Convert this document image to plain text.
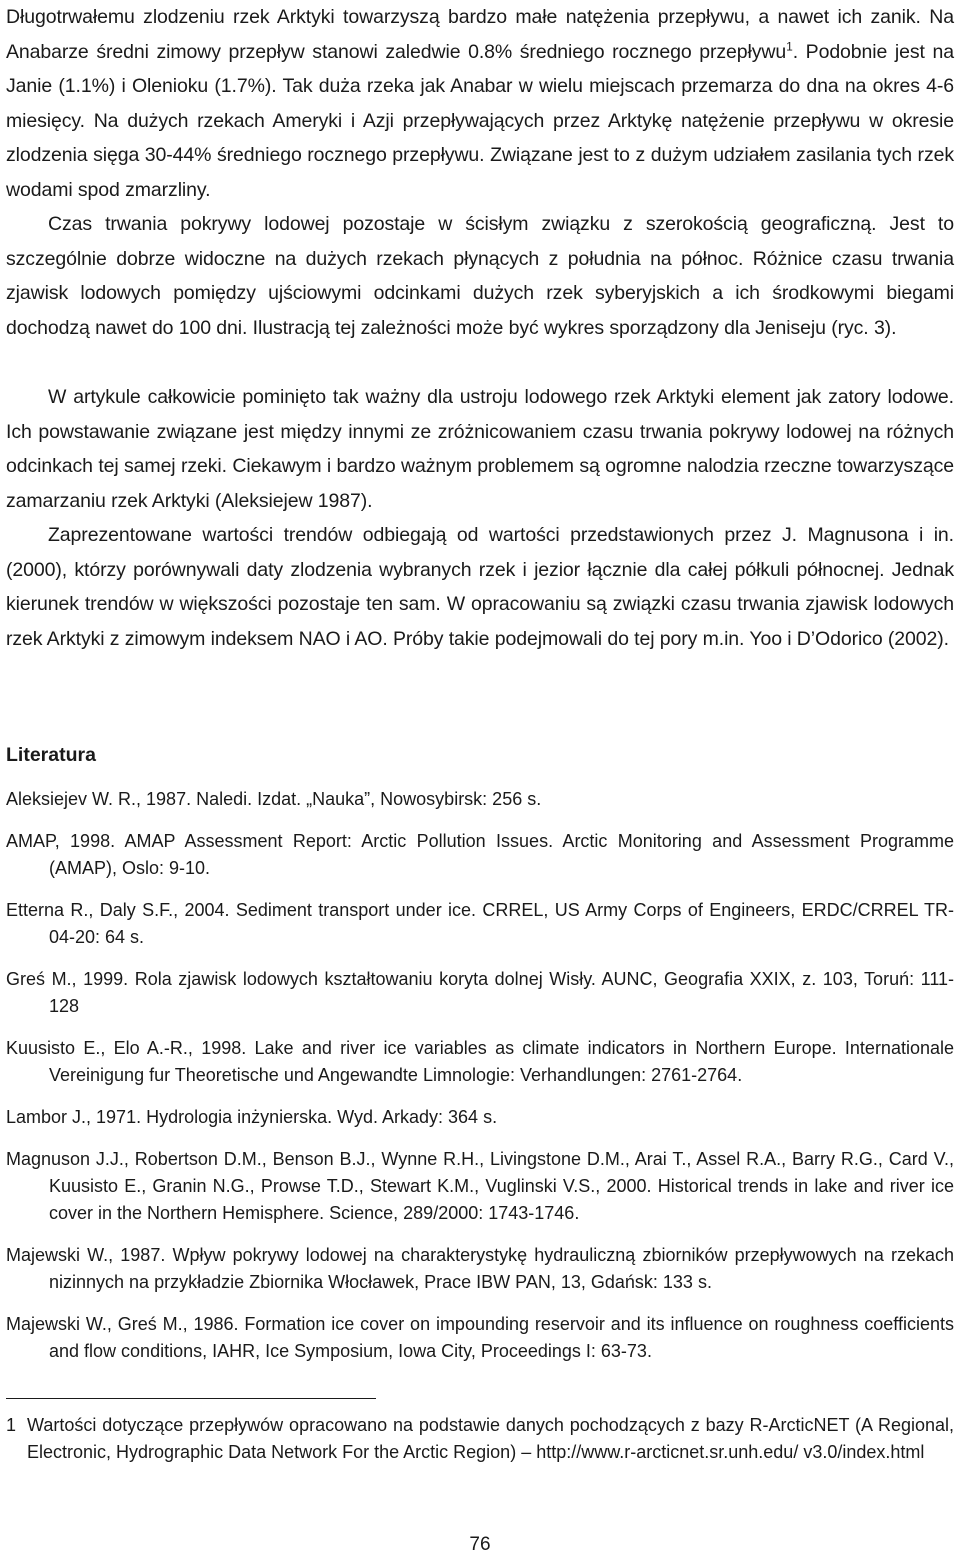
Długotrwałemu zlodzeniu rzek Arktyki towarzyszą bardzo małe natężenia przepływu, a nawet ich zanik. Na Anabarze średni zimowy przepływ stanowi zaledwie 0.8% średniego rocznego przepływu$^1$. Podobnie jest na Janie (1.1%) i Olenioku (1.7%). Tak duża rzeka jak Anabar w wielu miejscach przemarza do dna na okres 4-6 miesięcy. Na dużych rzekach Ameryki i Azji przepływających przez Arktykę natężenie przepływu w okresie zlodzenia sięga 30-44% średniego rocznego przepływu. Związane jest to z dużym udziałem zasilania tych rzek wodami spod zmarzliny.

Czas trwania pokrywy lodowej pozostaje w ścisłym związku z szerokością geograficzną. Jest to szczególnie dobrze widoczne na dużych rzekach płynących z południa na północ. Różnice czasu trwania zjawisk lodowych pomiędzy ujściowymi odcinkami dużych rzek syberyjskich a ich środkowymi biegami dochodzą nawet do 100 dni. Ilustracją tej zależności może być wykres sporządzony dla Jeniseju (ryc. 3).

W artykule całkowicie pominięto tak ważny dla ustroju lodowego rzek Arktyki element jak zatory lodowe. Ich powstawanie związane jest między innymi ze zróżnicowaniem czasu trwania pokrywy lodowej na różnych odcinkach tej samej rzeki. Ciekawym i bardzo ważnym problemem są ogromne nalodzia rzeczne towarzyszące zamarzaniu rzek Arktyki (Aleksiejew 1987).

Zaprezentowane wartości trendów odbiegają od wartości przedstawionych przez J. Magnusona i in. (2000), którzy porównywali daty zlodzenia wybranych rzek i jezior łącznie dla całej półkuli północnej. Jednak kierunek trendów w większości pozostaje ten sam. W opracowaniu są związki czasu trwania zjawisk lodowych rzek Arktyki z zimowym indeksem NAO i AO. Próby takie podejmowali do tej pory m.in. Yoo i D’Odorico (2002).

Literatura
Aleksiejev W. R., 1987. Naledi. Izdat. „Nauka”, Nowosybirsk: 256 s.
AMAP, 1998. AMAP Assessment Report: Arctic Pollution Issues. Arctic Monitoring and Assessment Programme (AMAP), Oslo: 9-10.
Etterna R., Daly S.F., 2004. Sediment transport under ice. CRREL, US Army Corps of Engineers, ERDC/CRREL TR-04-20: 64 s.
Greś M., 1999. Rola zjawisk lodowych kształtowaniu koryta dolnej Wisły. AUNC, Geografia XXIX, z. 103, Toruń: 111-128
Kuusisto E., Elo A.-R., 1998. Lake and river ice variables as climate indicators in Northern Europe. Internationale Vereinigung fur Theoretische und Angewandte Limnologie: Verhandlungen: 2761-2764.
Lambor J., 1971. Hydrologia inżynierska. Wyd. Arkady: 364 s.
Magnuson J.J., Robertson D.M., Benson B.J., Wynne R.H., Livingstone D.M., Arai T., Assel R.A., Barry R.G., Card V., Kuusisto E., Granin N.G., Prowse T.D., Stewart K.M., Vuglinski V.S., 2000. Historical trends in lake and river ice cover in the Northern Hemisphere. Science, 289/2000: 1743-1746.
Majewski W., 1987. Wpływ pokrywy lodowej na charakterystykę hydrauliczną zbiorników przepływowych na rzekach nizinnych na przykładzie Zbiornika Włocławek, Prace IBW PAN, 13, Gdańsk: 133 s.
Majewski W., Greś M., 1986. Formation ice cover on impounding reservoir and its influence on roughness coefficients and flow conditions, IAHR, Ice Symposium, Iowa City, Proceedings I: 63-73.

1 Wartości dotyczące przepływów opracowano na podstawie danych pochodzących z bazy R-ArcticNET (A Regional, Electronic, Hydrographic Data Network For the Arctic Region) – http://www.r-arcticnet.sr.unh.edu/ v3.0/index.html

76
